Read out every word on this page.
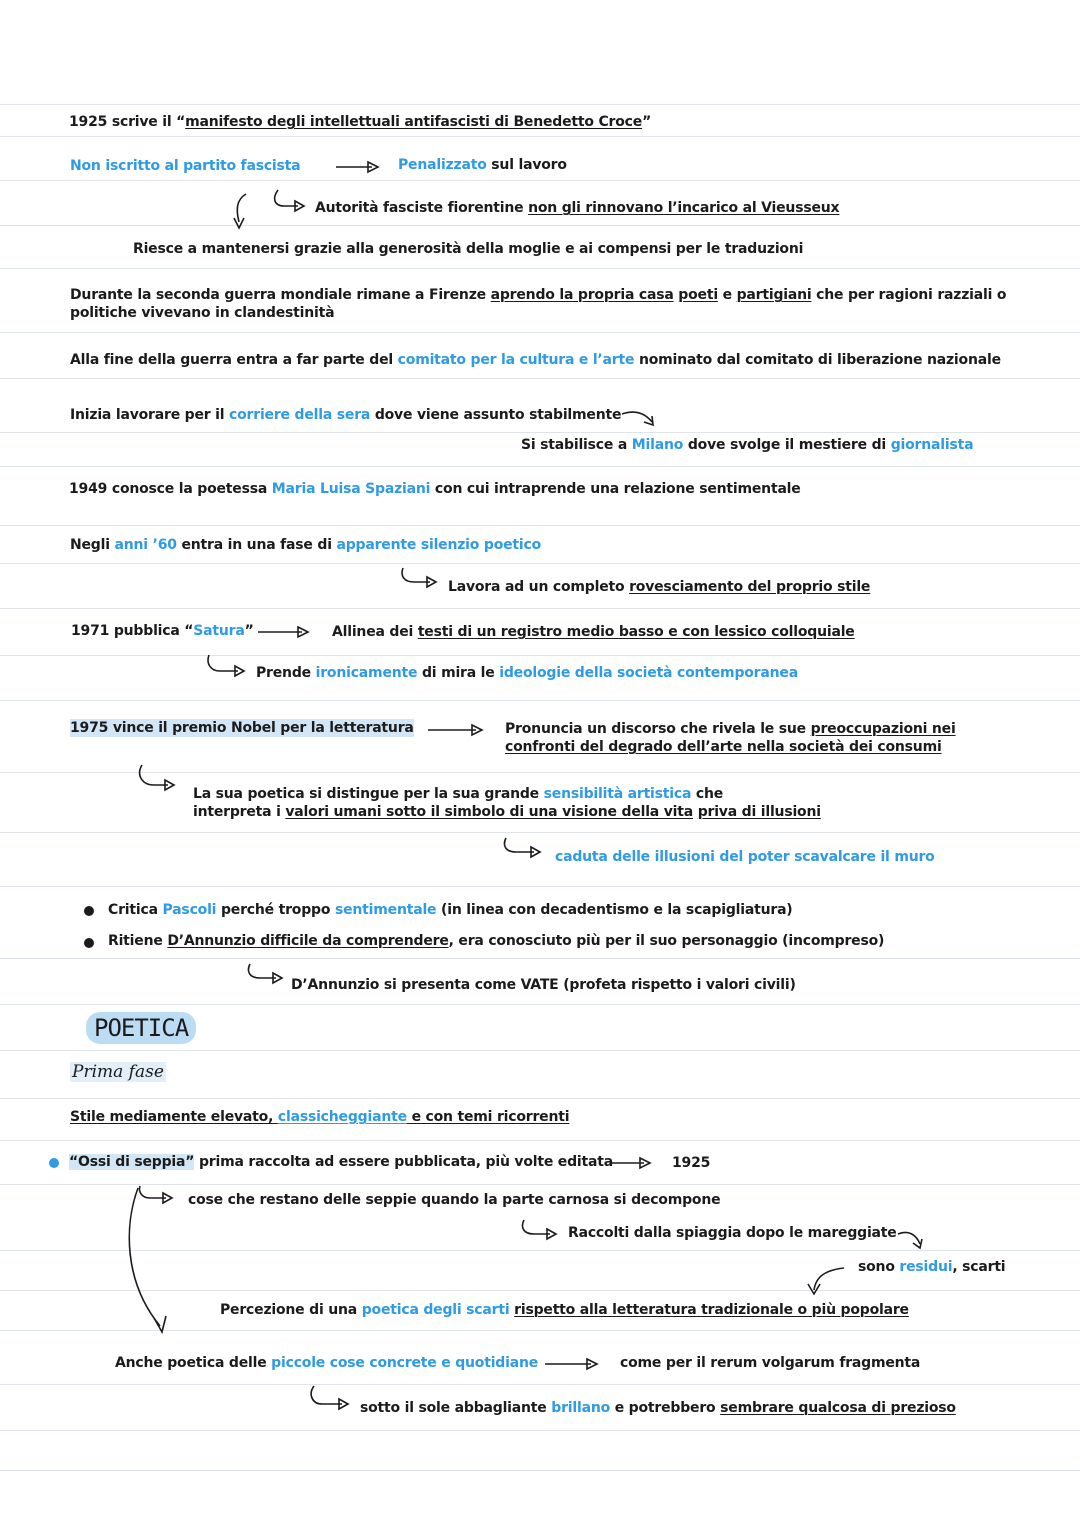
1925 scrive il “manifesto degli intellettuali antifascisti di Benedetto Croce”
Non iscritto al partito fascista	Penalizzato sul lavoro
Autorità fasciste fiorentine non gli rinnovano l’incarico al Vieusseux
Riesce a mantenersi grazie alla generosità della moglie e ai compensi per le traduzioni
Durante la seconda guerra mondiale rimane a Firenze aprendo la propria casa poeti e partigiani che per ragioni razziali o
politiche vivevano in clandestinità
Alla fine della guerra entra a far parte del comitato per la cultura e l’arte nominato dal comitato di liberazione nazionale
Inizia lavorare per il corriere della sera dove viene assunto stabilmente
Si stabilisce a Milano dove svolge il mestiere di giornalista
1949 conosce la poetessa Maria Luisa Spaziani con cui intraprende una relazione sentimentale
Negli anni ’60 entra in una fase di apparente silenzio poetico
Lavora ad un completo rovesciamento del proprio stile
1971 pubblica “Satura”	Allinea dei testi di un registro medio basso e con lessico colloquiale
Prende ironicamente di mira le ideologie della società contemporanea
1975 vince il premio Nobel per la letteratura	Pronuncia un discorso che rivela le sue preoccupazioni nei
confronti del degrado dell’arte nella società dei consumi
La sua poetica si distingue per la sua grande sensibilità artistica che
interpreta i valori umani sotto il simbolo di una visione della vita priva di illusioni
caduta delle illusioni del poter scavalcare il muro
Critica Pascoli perché troppo sentimentale (in linea con decadentismo e la scapigliatura)
Ritiene D’Annunzio difficile da comprendere, era conosciuto più per il suo personaggio (incompreso)
D’Annunzio si presenta come VATE (profeta rispetto i valori civili)
POETICA
Prima fase
Stile mediamente elevato, classicheggiante e con temi ricorrenti
“Ossi di seppia” prima raccolta ad essere pubblicata, più volte editata	1925
cose che restano delle seppie quando la parte carnosa si decompone
Raccolti dalla spiaggia dopo le mareggiate
sono residui, scarti
Percezione di una poetica degli scarti rispetto alla letteratura tradizionale o più popolare
Anche poetica delle piccole cose concrete e quotidiane	come per il rerum volgarum fragmenta
sotto il sole abbagliante brillano e potrebbero sembrare qualcosa di prezioso
